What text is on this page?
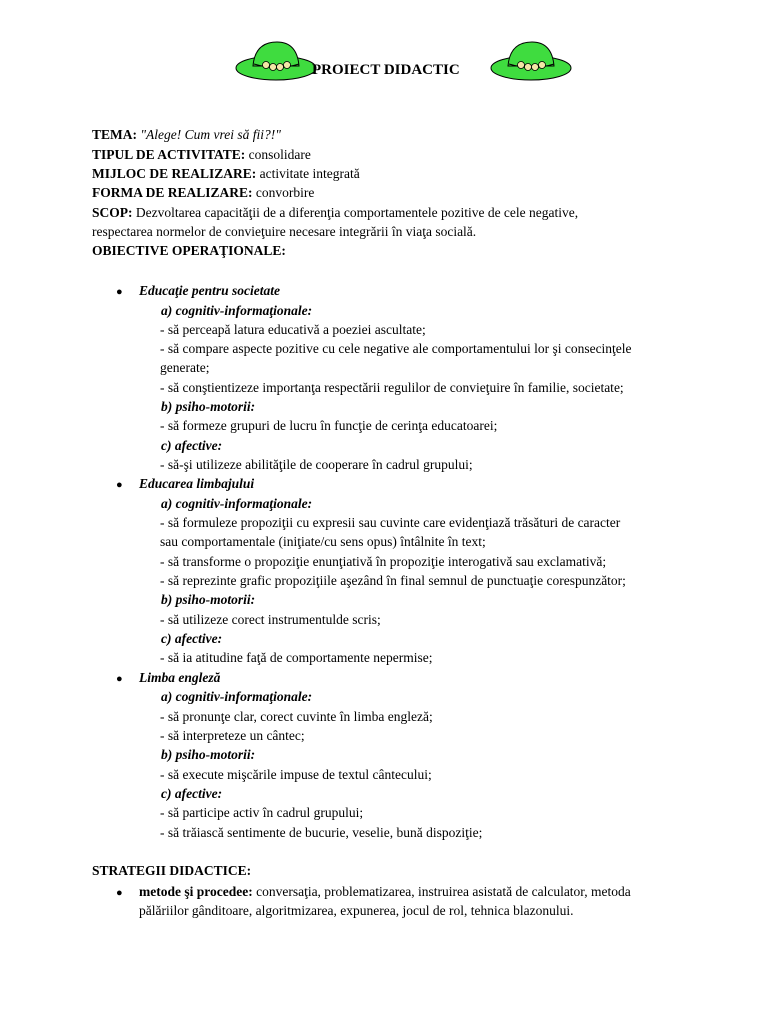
PROIECT DIDACTIC
TEMA: "Alege! Cum vrei să fii?!"
TIPUL DE ACTIVITATE: consolidare
MIJLOC DE REALIZARE: activitate integrată
FORMA DE REALIZARE: convorbire
SCOP: Dezvoltarea capacităţii de a diferenţia comportamentele pozitive de cele negative,
respectarea normelor de convieţuire necesare integrării în viaţa socială.
OBIECTIVE OPERAŢIONALE:
● Educaţie pentru societate
a) cognitiv-informaţionale:
- să perceapă latura educativă a poeziei ascultate;
- să compare aspecte pozitive cu cele negative ale comportamentului lor şi consecinţele
generate;
- să conştientizeze importanţa respectării regulilor de convieţuire în familie, societate;
b) psiho-motorii:
- să formeze grupuri de lucru în funcţie de cerinţa educatoarei;
c) afective:
- să-şi utilizeze abilităţile de cooperare în cadrul grupului;
● Educarea limbajului
a) cognitiv-informaţionale:
- să formuleze propoziţii cu expresii sau cuvinte care evidenţiază trăsături de caracter
sau comportamentale (iniţiate/cu sens opus) întâlnite în text;
- să transforme o propoziţie enunţiativă în propoziţie interogativă sau exclamativă;
- să reprezinte grafic propoziţiile aşezând în final semnul de punctuaţie corespunzător;
b) psiho-motorii:
- să utilizeze corect instrumentulde scris;
c) afective:
- să ia atitudine faţă de comportamente nepermise;
● Limba engleză
a) cognitiv-informaţionale:
- să pronunţe clar, corect cuvinte în limba engleză;
- să interpreteze un cântec;
b) psiho-motorii:
- să execute mişcările impuse de textul cântecului;
c) afective:
- să participe activ în cadrul grupului;
- să trăiască sentimente de bucurie, veselie, bună dispoziţie;
STRATEGII DIDACTICE:
● metode şi procedee: conversaţia, problematizarea, instruirea asistată de calculator, metoda
pălăriilor gânditoare, algoritmizarea, expunerea, jocul de rol, tehnica blazonului.
